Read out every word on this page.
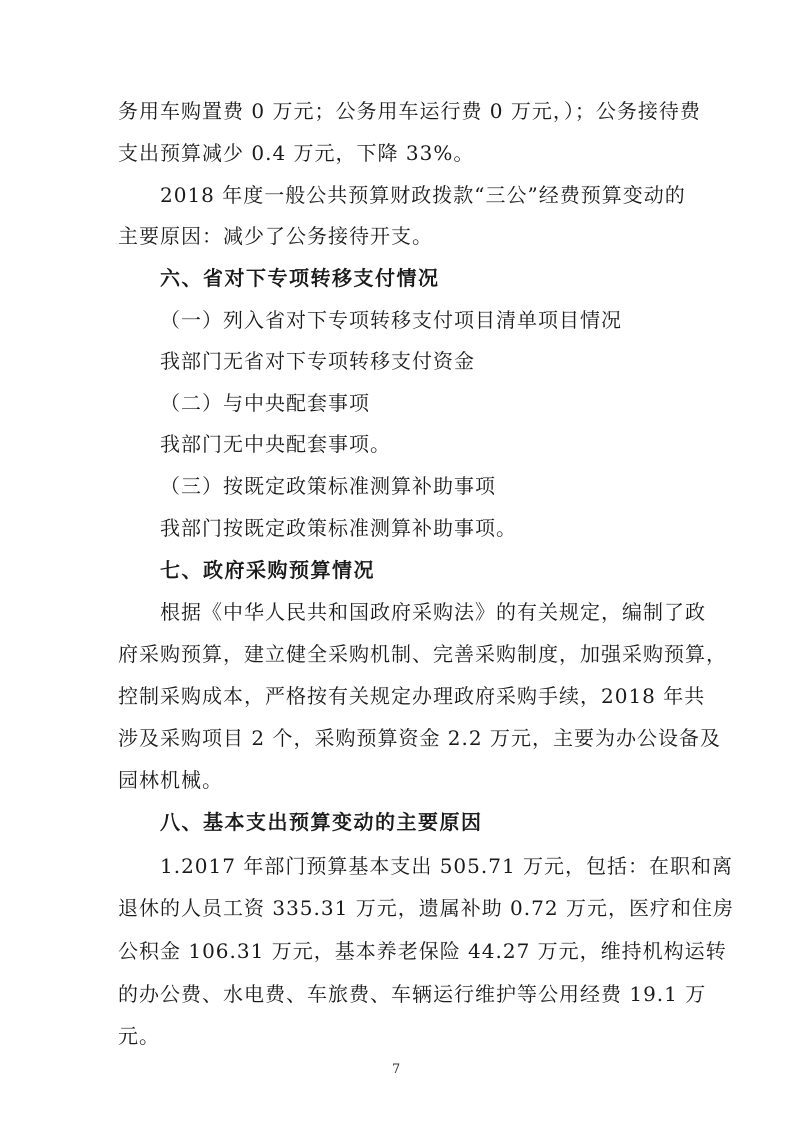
务用车购置费 0 万元；公务用车运行费 0 万元，）；公务接待费
支出预算减少 0.4 万元，下降 33%。
2018 年度一般公共预算财政拨款“三公”经费预算变动的
主要原因：减少了公务接待开支。
六、省对下专项转移支付情况
（一）列入省对下专项转移支付项目清单项目情况
我部门无省对下专项转移支付资金
（二）与中央配套事项
我部门无中央配套事项。
（三）按既定政策标准测算补助事项
我部门按既定政策标准测算补助事项。
七、政府采购预算情况
根据《中华人民共和国政府采购法》的有关规定，编制了政
府采购预算，建立健全采购机制、完善采购制度，加强采购预算，
控制采购成本，严格按有关规定办理政府采购手续，2018 年共
涉及采购项目 2 个，采购预算资金 2.2 万元，主要为办公设备及
园林机械。
八、基本支出预算变动的主要原因
1.2017 年部门预算基本支出 505.71 万元，包括：在职和离
退休的人员工资 335.31 万元，遗属补助 0.72 万元，医疗和住房
公积金 106.31 万元，基本养老保险 44.27 万元，维持机构运转
的办公费、水电费、车旅费、车辆运行维护等公用经费 19.1 万
元。
7
